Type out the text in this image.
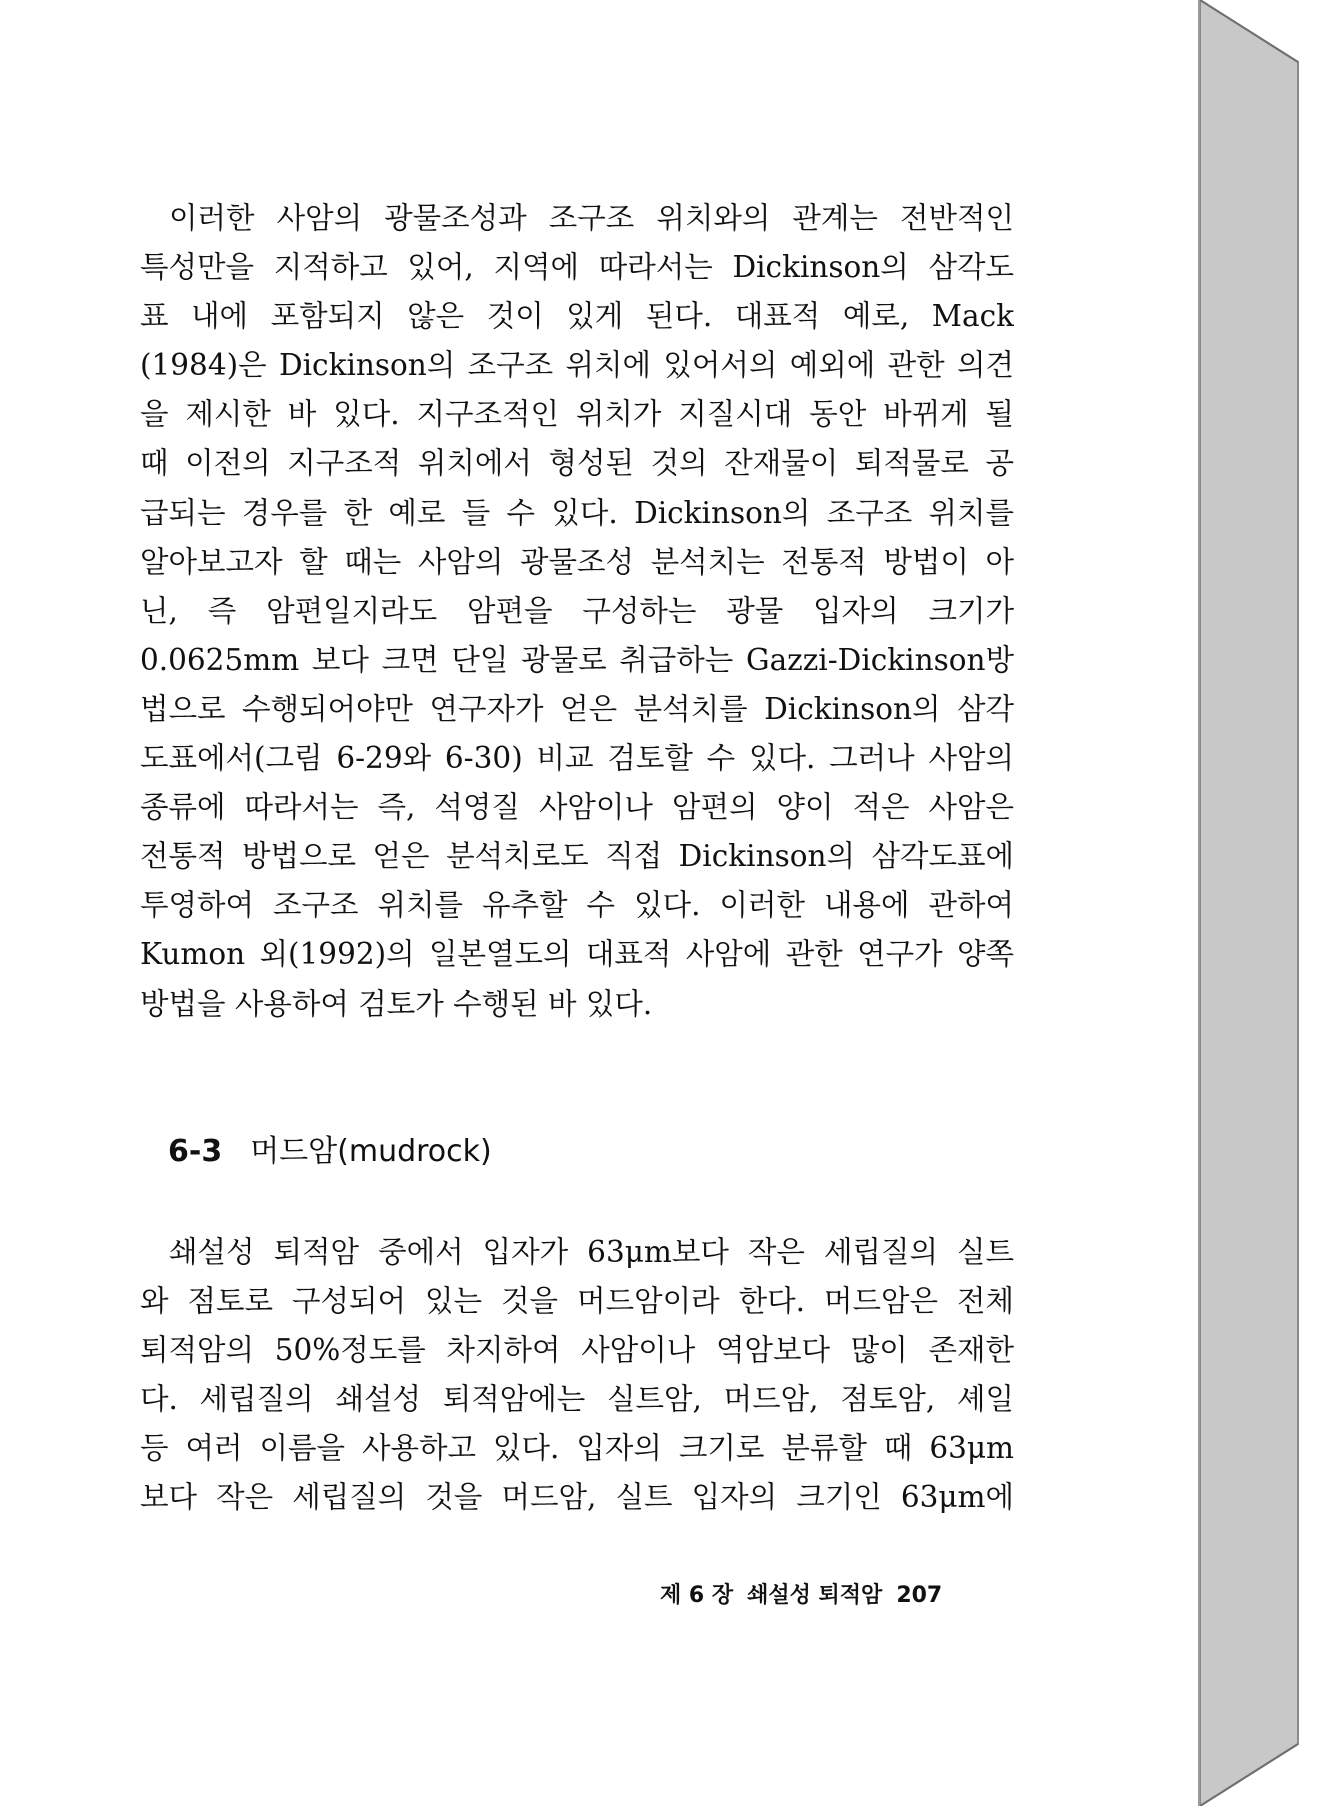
이러한 사암의 광물조성과 조구조 위치와의 관계는 전반적인
특성만을 지적하고 있어, 지역에 따라서는 Dickinson의 삼각도
표 내에 포함되지 않은 것이 있게 된다. 대표적 예로, Mack
(1984)은 Dickinson의 조구조 위치에 있어서의 예외에 관한 의견
을 제시한 바 있다. 지구조적인 위치가 지질시대 동안 바뀌게 될
때 이전의 지구조적 위치에서 형성된 것의 잔재물이 퇴적물로 공
급되는 경우를 한 예로 들 수 있다. Dickinson의 조구조 위치를
알아보고자 할 때는 사암의 광물조성 분석치는 전통적 방법이 아
닌, 즉 암편일지라도 암편을 구성하는 광물 입자의 크기가
0.0625mm 보다 크면 단일 광물로 취급하는 Gazzi-Dickinson방
법으로 수행되어야만 연구자가 얻은 분석치를 Dickinson의 삼각
도표에서(그림 6-29와 6-30) 비교 검토할 수 있다. 그러나 사암의
종류에 따라서는 즉, 석영질 사암이나 암편의 양이 적은 사암은
전통적 방법으로 얻은 분석치로도 직접 Dickinson의 삼각도표에
투영하여 조구조 위치를 유추할 수 있다. 이러한 내용에 관하여
Kumon 외(1992)의 일본열도의 대표적 사암에 관한 연구가 양쪽
방법을 사용하여 검토가 수행된 바 있다.
6-3 머드암(mudrock)
쇄설성 퇴적암 중에서 입자가 63μm보다 작은 세립질의 실트
와 점토로 구성되어 있는 것을 머드암이라 한다. 머드암은 전체
퇴적암의 50%정도를 차지하여 사암이나 역암보다 많이 존재한
다. 세립질의 쇄설성 퇴적암에는 실트암, 머드암, 점토암, 셰일
등 여러 이름을 사용하고 있다. 입자의 크기로 분류할 때 63μm
보다 작은 세립질의 것을 머드암, 실트 입자의 크기인 63μm에
제 6 장 쇄설성 퇴적암 207
